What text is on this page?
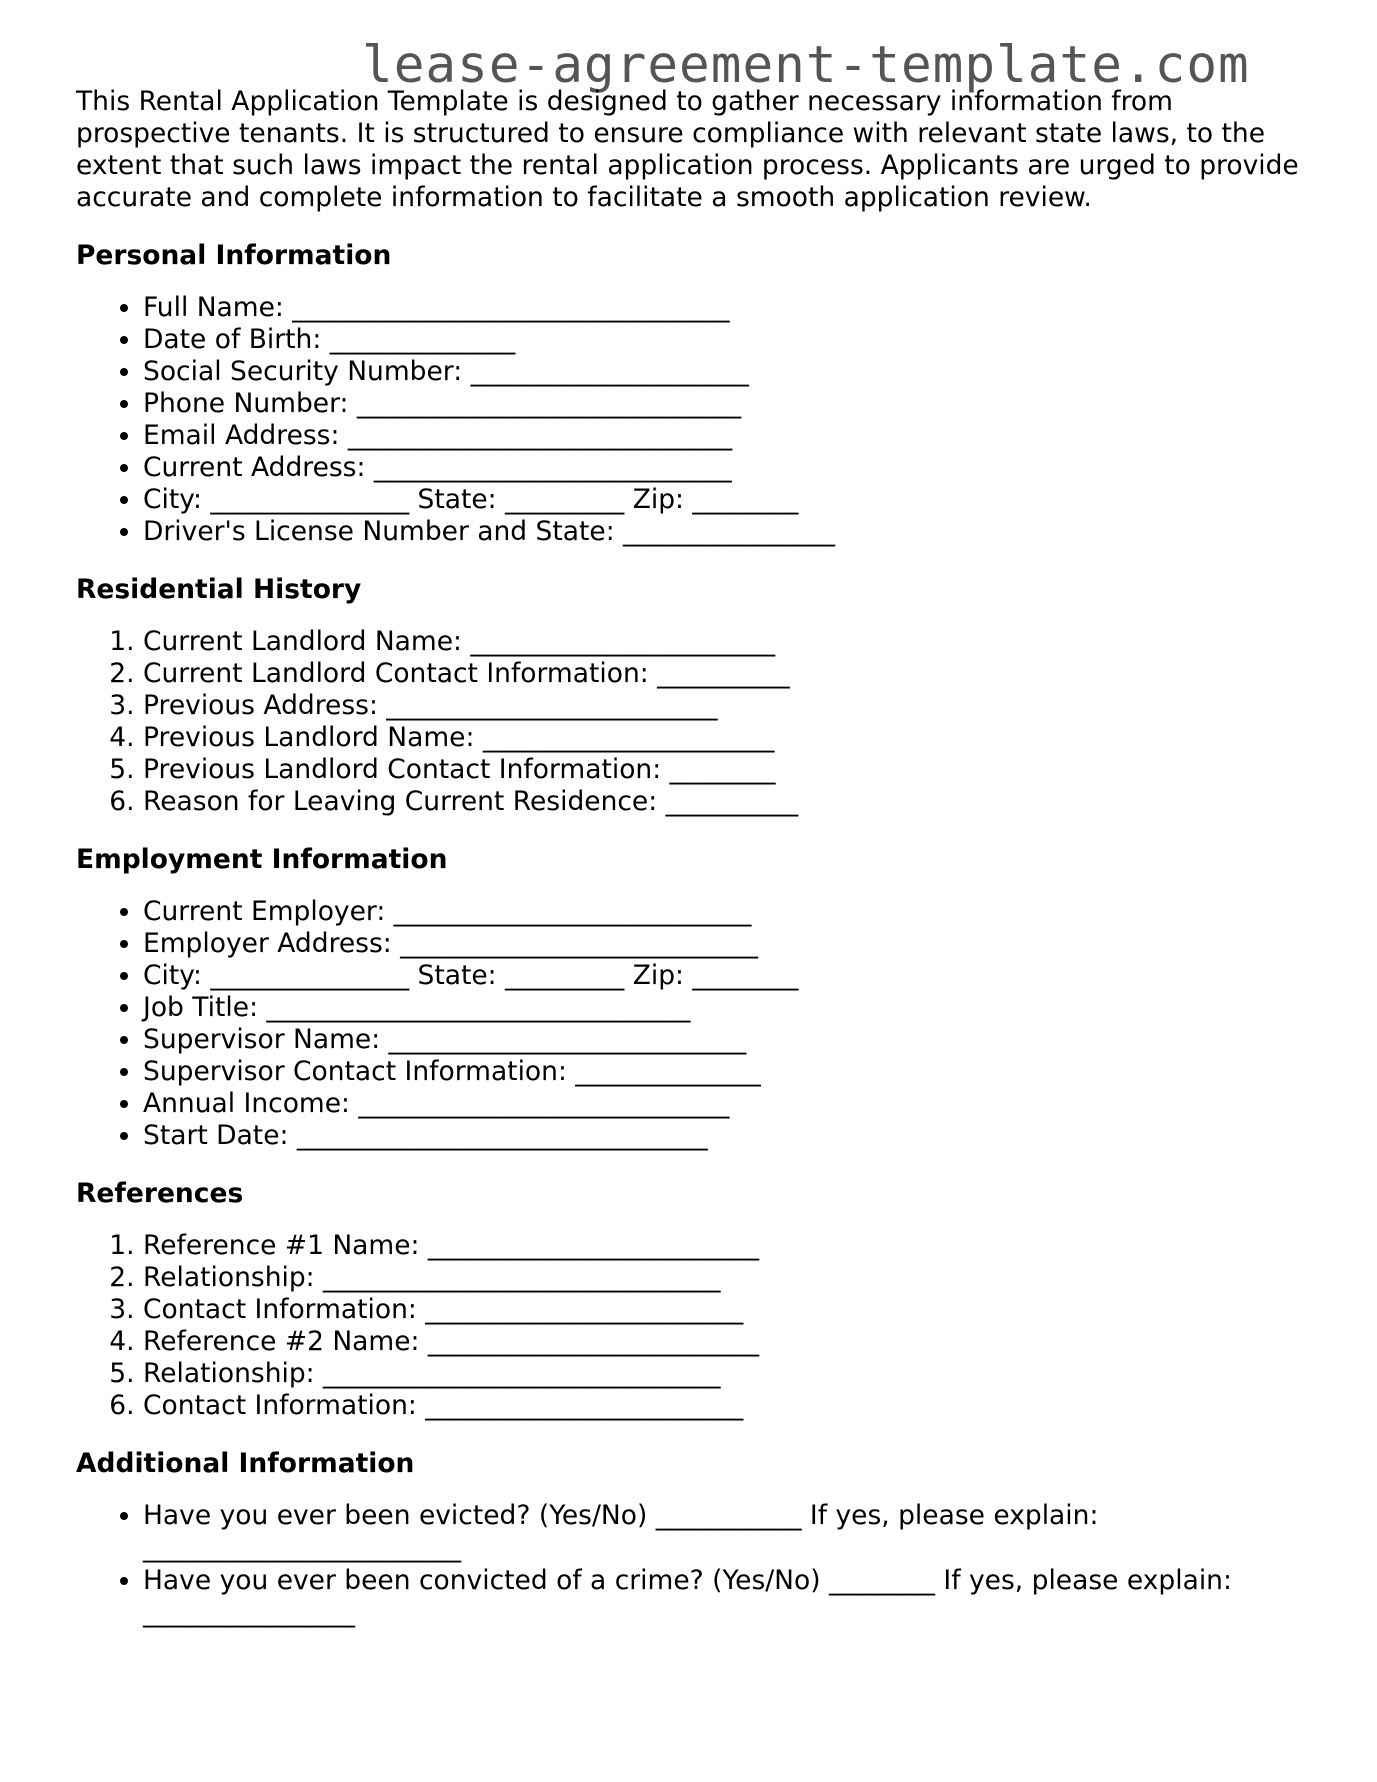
lease-agreement-template.com

This Rental Application Template is designed to gather necessary information from prospective tenants. It is structured to ensure compliance with relevant state laws, to the extent that such laws impact the rental application process. Applicants are urged to provide accurate and complete information to facilitate a smooth application review.

Personal Information
• Full Name: _________________________________
• Date of Birth: ______________
• Social Security Number: _____________________
• Phone Number: _____________________________
• Email Address: _____________________________
• Current Address: ___________________________
• City: _______________ State: _________ Zip: ________
• Driver's License Number and State: ________________
Residential History
1. Current Landlord Name: _______________________
2. Current Landlord Contact Information: __________
3. Previous Address: _________________________
4. Previous Landlord Name: ______________________
5. Previous Landlord Contact Information: ________
6. Reason for Leaving Current Residence: __________
Employment Information
• Current Employer: ___________________________
• Employer Address: ___________________________
• City: _______________ State: _________ Zip: ________
• Job Title: ________________________________
• Supervisor Name: ___________________________
• Supervisor Contact Information: ______________
• Annual Income: ____________________________
• Start Date: _______________________________
References
1. Reference #1 Name: _________________________
2. Relationship: ______________________________
3. Contact Information: ________________________
4. Reference #2 Name: _________________________
5. Relationship: ______________________________
6. Contact Information: ________________________
Additional Information
• Have you ever been evicted? (Yes/No) ___________ If yes, please explain: ________________________
• Have you ever been convicted of a crime? (Yes/No) ________ If yes, please explain: ________________
